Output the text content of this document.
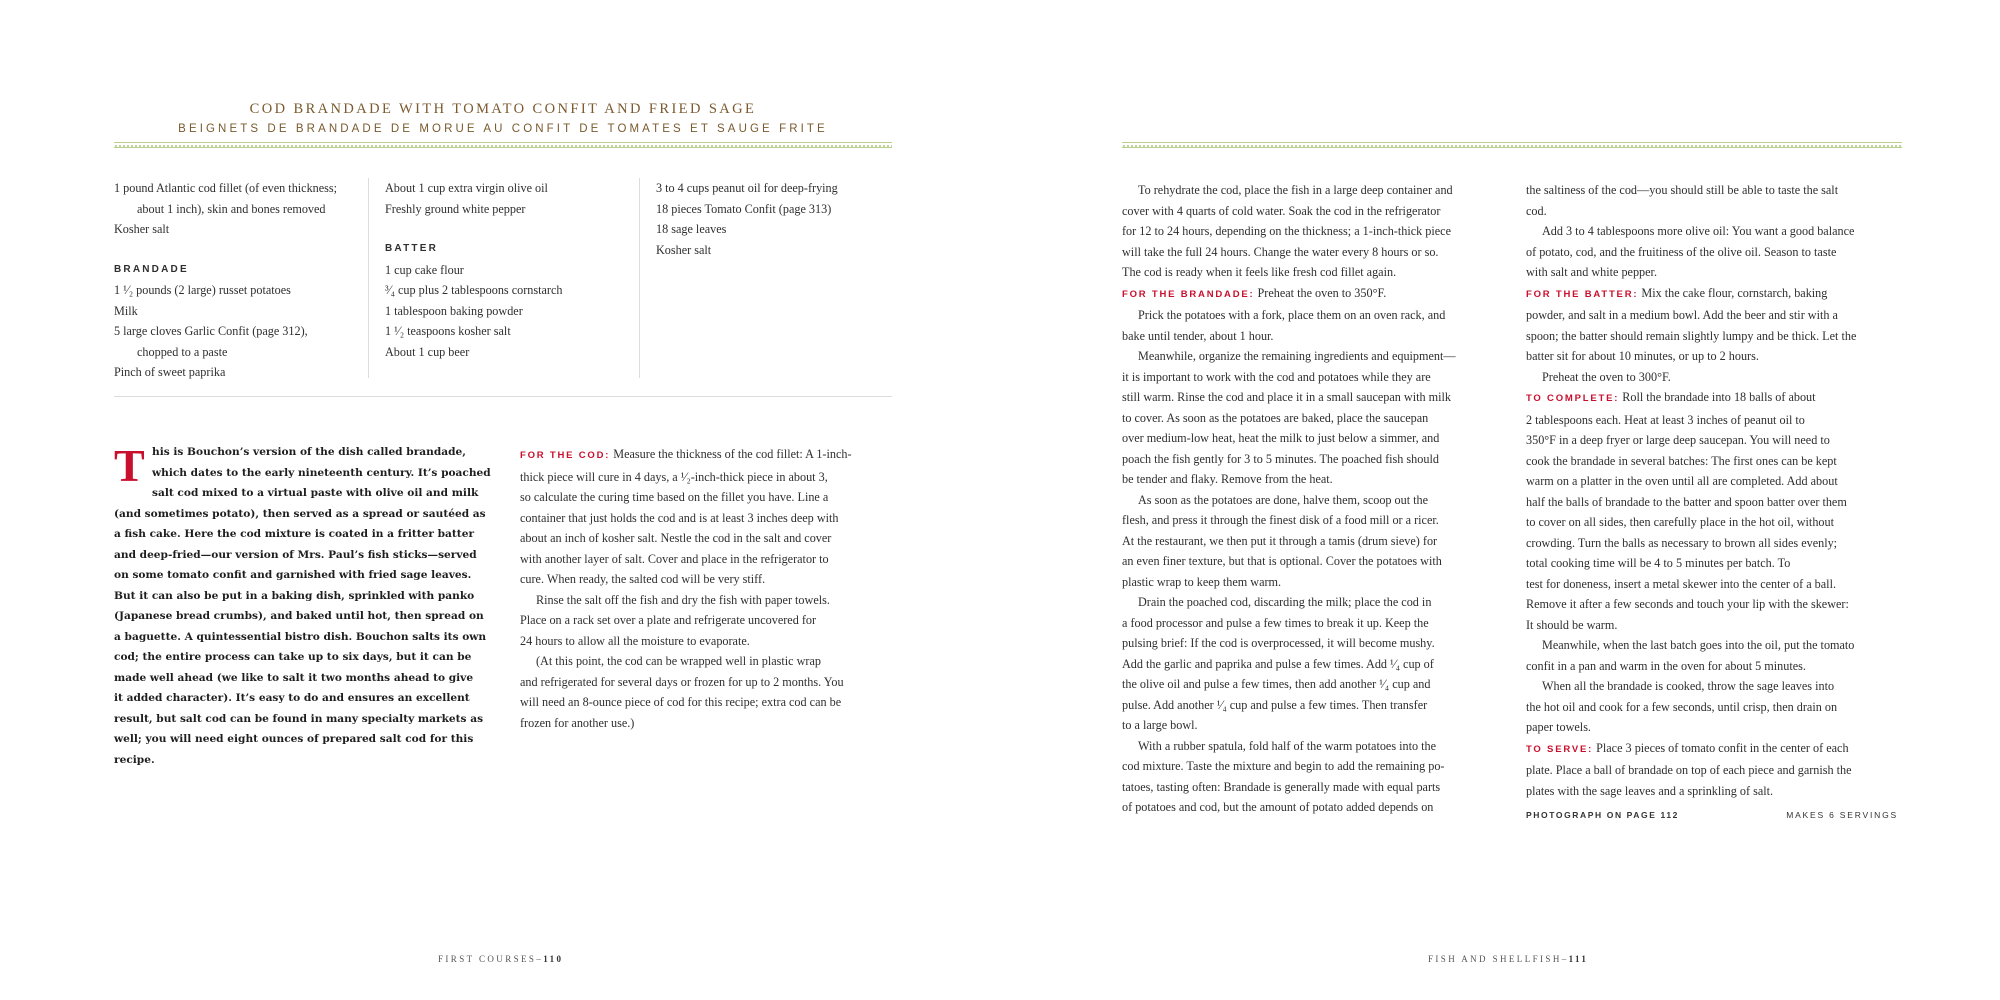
COD BRANDADE WITH TOMATO CONFIT AND FRIED SAGE
BEIGNETS DE BRANDADE DE MORUE AU CONFIT DE TOMATES ET SAUGE FRITE
1 pound Atlantic cod fillet (of even thickness;
about 1 inch), skin and bones removed
Kosher salt
BRANDADE
1 ¹⁄₂ pounds (2 large) russet potatoes
Milk
5 large cloves Garlic Confit (page 312),
chopped to a paste
Pinch of sweet paprika
About 1 cup extra virgin olive oil
Freshly ground white pepper
BATTER
1 cup cake flour
³⁄₄ cup plus 2 tablespoons cornstarch
1 tablespoon baking powder
1 ¹⁄₂ teaspoons kosher salt
About 1 cup beer
3 to 4 cups peanut oil for deep-frying
18 pieces Tomato Confit (page 313)
18 sage leaves
Kosher salt
T his is Bouchon’s version of the dish called brandade,
which dates to the early nineteenth century. It’s poached
salt cod mixed to a virtual paste with olive oil and milk
(and sometimes potato), then served as a spread or sautéed as
a fish cake. Here the cod mixture is coated in a fritter batter
and deep-fried—our version of Mrs. Paul’s fish sticks—served
on some tomato confit and garnished with fried sage leaves.
But it can also be put in a baking dish, sprinkled with panko
(Japanese bread crumbs), and baked until hot, then spread on
a baguette. A quintessential bistro dish. Bouchon salts its own
cod; the entire process can take up to six days, but it can be
made well ahead (we like to salt it two months ahead to give
it added character). It’s easy to do and ensures an excellent
result, but salt cod can be found in many specialty markets as
well; you will need eight ounces of prepared salt cod for this
recipe.
FOR THE COD: Measure the thickness of the cod fillet: A 1-inch-
thick piece will cure in 4 days, a ¹⁄₂-inch-thick piece in about 3,
so calculate the curing time based on the fillet you have. Line a
container that just holds the cod and is at least 3 inches deep with
about an inch of kosher salt. Nestle the cod in the salt and cover
with another layer of salt. Cover and place in the refrigerator to
cure. When ready, the salted cod will be very stiff.
Rinse the salt off the fish and dry the fish with paper towels.
Place on a rack set over a plate and refrigerate uncovered for
24 hours to allow all the moisture to evaporate.
(At this point, the cod can be wrapped well in plastic wrap
and refrigerated for several days or frozen for up to 2 months. You
will need an 8-ounce piece of cod for this recipe; extra cod can be
frozen for another use.)
FIRST COURSES–110
To rehydrate the cod, place the fish in a large deep container and
cover with 4 quarts of cold water. Soak the cod in the refrigerator
for 12 to 24 hours, depending on the thickness; a 1-inch-thick piece
will take the full 24 hours. Change the water every 8 hours or so.
The cod is ready when it feels like fresh cod fillet again.
FOR THE BRANDADE: Preheat the oven to 350°F.
Prick the potatoes with a fork, place them on an oven rack, and
bake until tender, about 1 hour.
Meanwhile, organize the remaining ingredients and equipment—
it is important to work with the cod and potatoes while they are
still warm. Rinse the cod and place it in a small saucepan with milk
to cover. As soon as the potatoes are baked, place the saucepan
over medium-low heat, heat the milk to just below a simmer, and
poach the fish gently for 3 to 5 minutes. The poached fish should
be tender and flaky. Remove from the heat.
As soon as the potatoes are done, halve them, scoop out the
flesh, and press it through the finest disk of a food mill or a ricer.
At the restaurant, we then put it through a tamis (drum sieve) for
an even finer texture, but that is optional. Cover the potatoes with
plastic wrap to keep them warm.
Drain the poached cod, discarding the milk; place the cod in
a food processor and pulse a few times to break it up. Keep the
pulsing brief: If the cod is overprocessed, it will become mushy.
Add the garlic and paprika and pulse a few times. Add ¹⁄₄ cup of
the olive oil and pulse a few times, then add another ¹⁄₄ cup and
pulse. Add another ¹⁄₄ cup and pulse a few times. Then transfer
to a large bowl.
With a rubber spatula, fold half of the warm potatoes into the
cod mixture. Taste the mixture and begin to add the remaining po-
tatoes, tasting often: Brandade is generally made with equal parts
of potatoes and cod, but the amount of potato added depends on
the saltiness of the cod—you should still be able to taste the salt
cod.
Add 3 to 4 tablespoons more olive oil: You want a good balance
of potato, cod, and the fruitiness of the olive oil. Season to taste
with salt and white pepper.
FOR THE BATTER: Mix the cake flour, cornstarch, baking
powder, and salt in a medium bowl. Add the beer and stir with a
spoon; the batter should remain slightly lumpy and be thick. Let the
batter sit for about 10 minutes, or up to 2 hours.
Preheat the oven to 300°F.
TO COMPLETE: Roll the brandade into 18 balls of about
2 tablespoons each. Heat at least 3 inches of peanut oil to
350°F in a deep fryer or large deep saucepan. You will need to
cook the brandade in several batches: The first ones can be kept
warm on a platter in the oven until all are completed. Add about
half the balls of brandade to the batter and spoon batter over them
to cover on all sides, then carefully place in the hot oil, without
crowding. Turn the balls as necessary to brown all sides evenly;
total cooking time will be 4 to 5 minutes per batch. To
test for doneness, insert a metal skewer into the center of a ball.
Remove it after a few seconds and touch your lip with the skewer:
It should be warm.
Meanwhile, when the last batch goes into the oil, put the tomato
confit in a pan and warm in the oven for about 5 minutes.
When all the brandade is cooked, throw the sage leaves into
the hot oil and cook for a few seconds, until crisp, then drain on
paper towels.
TO SERVE: Place 3 pieces of tomato confit in the center of each
plate. Place a ball of brandade on top of each piece and garnish the
plates with the sage leaves and a sprinkling of salt.
PHOTOGRAPH ON PAGE 112	MAKES 6 SERVINGS
FISH AND SHELLFISH–111
